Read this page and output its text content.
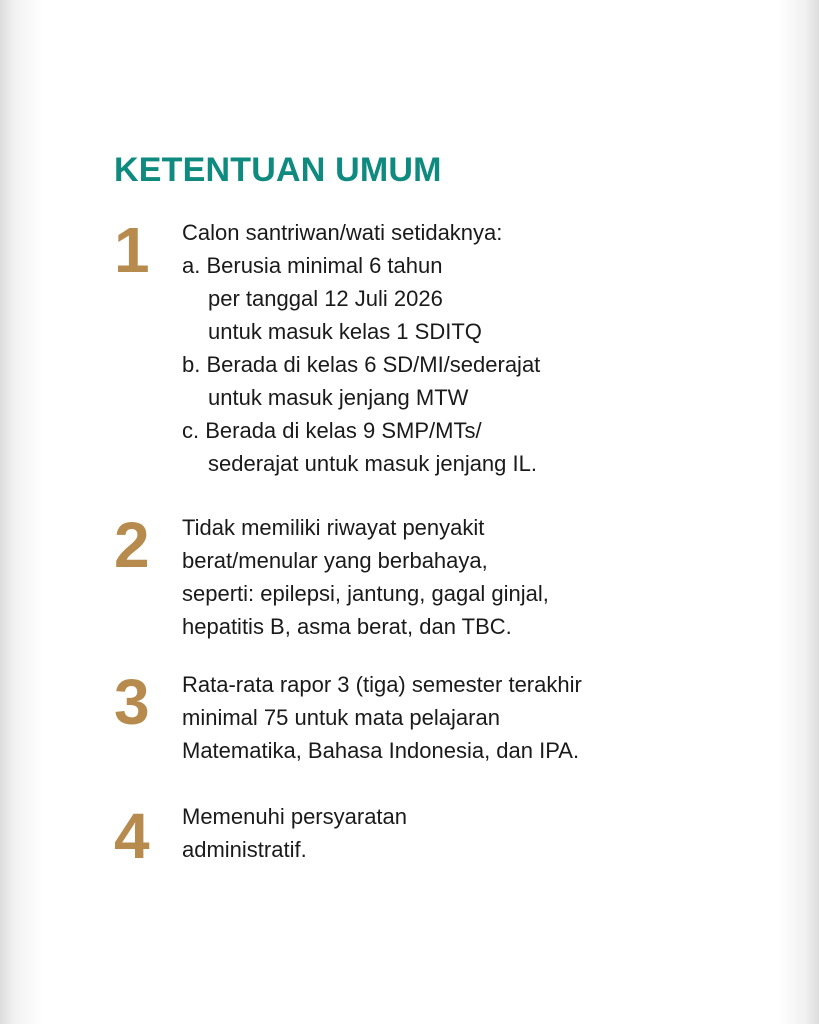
KETENTUAN UMUM
1 Calon santriwan/wati setidaknya:
a. Berusia minimal 6 tahun
per tanggal 12 Juli 2026
untuk masuk kelas 1 SDITQ
b. Berada di kelas 6 SD/MI/sederajat
untuk masuk jenjang MTW
c. Berada di kelas 9 SMP/MTs/
sederajat untuk masuk jenjang IL.
2 Tidak memiliki riwayat penyakit
berat/menular yang berbahaya,
seperti: epilepsi, jantung, gagal ginjal,
hepatitis B, asma berat, dan TBC.
3 Rata-rata rapor 3 (tiga) semester terakhir
minimal 75 untuk mata pelajaran
Matematika, Bahasa Indonesia, dan IPA.
4 Memenuhi persyaratan
administratif.
